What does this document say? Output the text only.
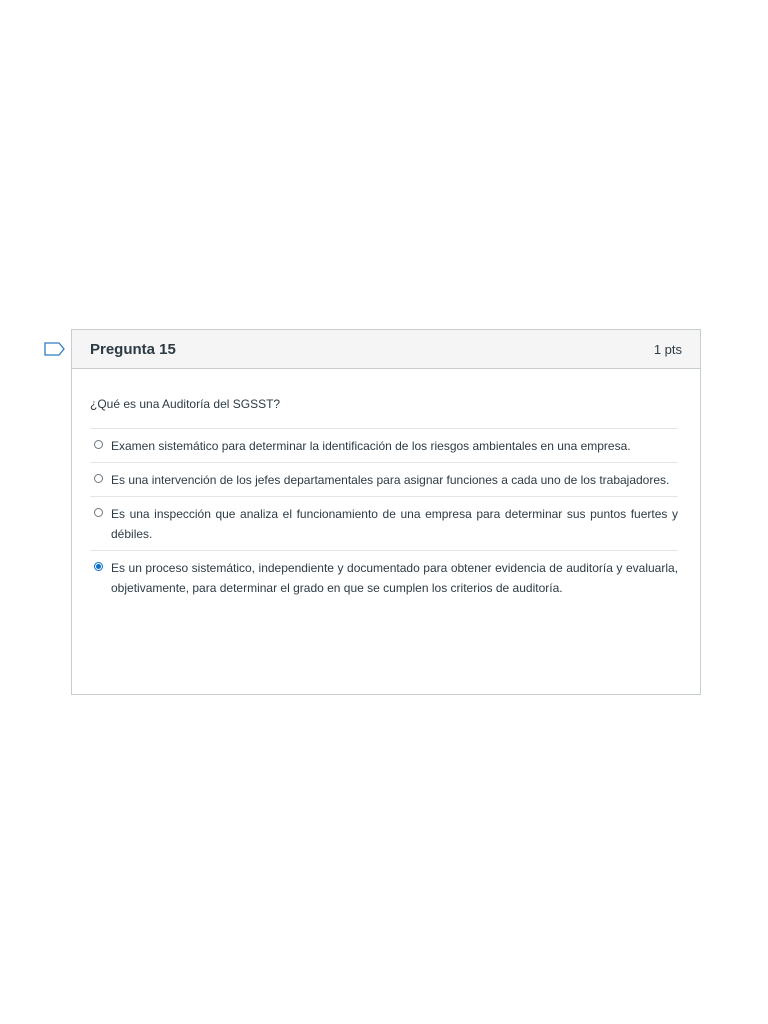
Pregunta 15	1 pts
¿Qué es una Auditoría del SGSST?
Examen sistemático para determinar la identificación de los riesgos ambientales en una empresa.
Es una intervención de los jefes departamentales para asignar funciones a cada uno de los trabajadores.
Es una inspección que analiza el funcionamiento de una empresa para determinar sus puntos fuertes y débiles.
Es un proceso sistemático, independiente y documentado para obtener evidencia de auditoría y evaluarla, objetivamente, para determinar el grado en que se cumplen los criterios de auditoría.
